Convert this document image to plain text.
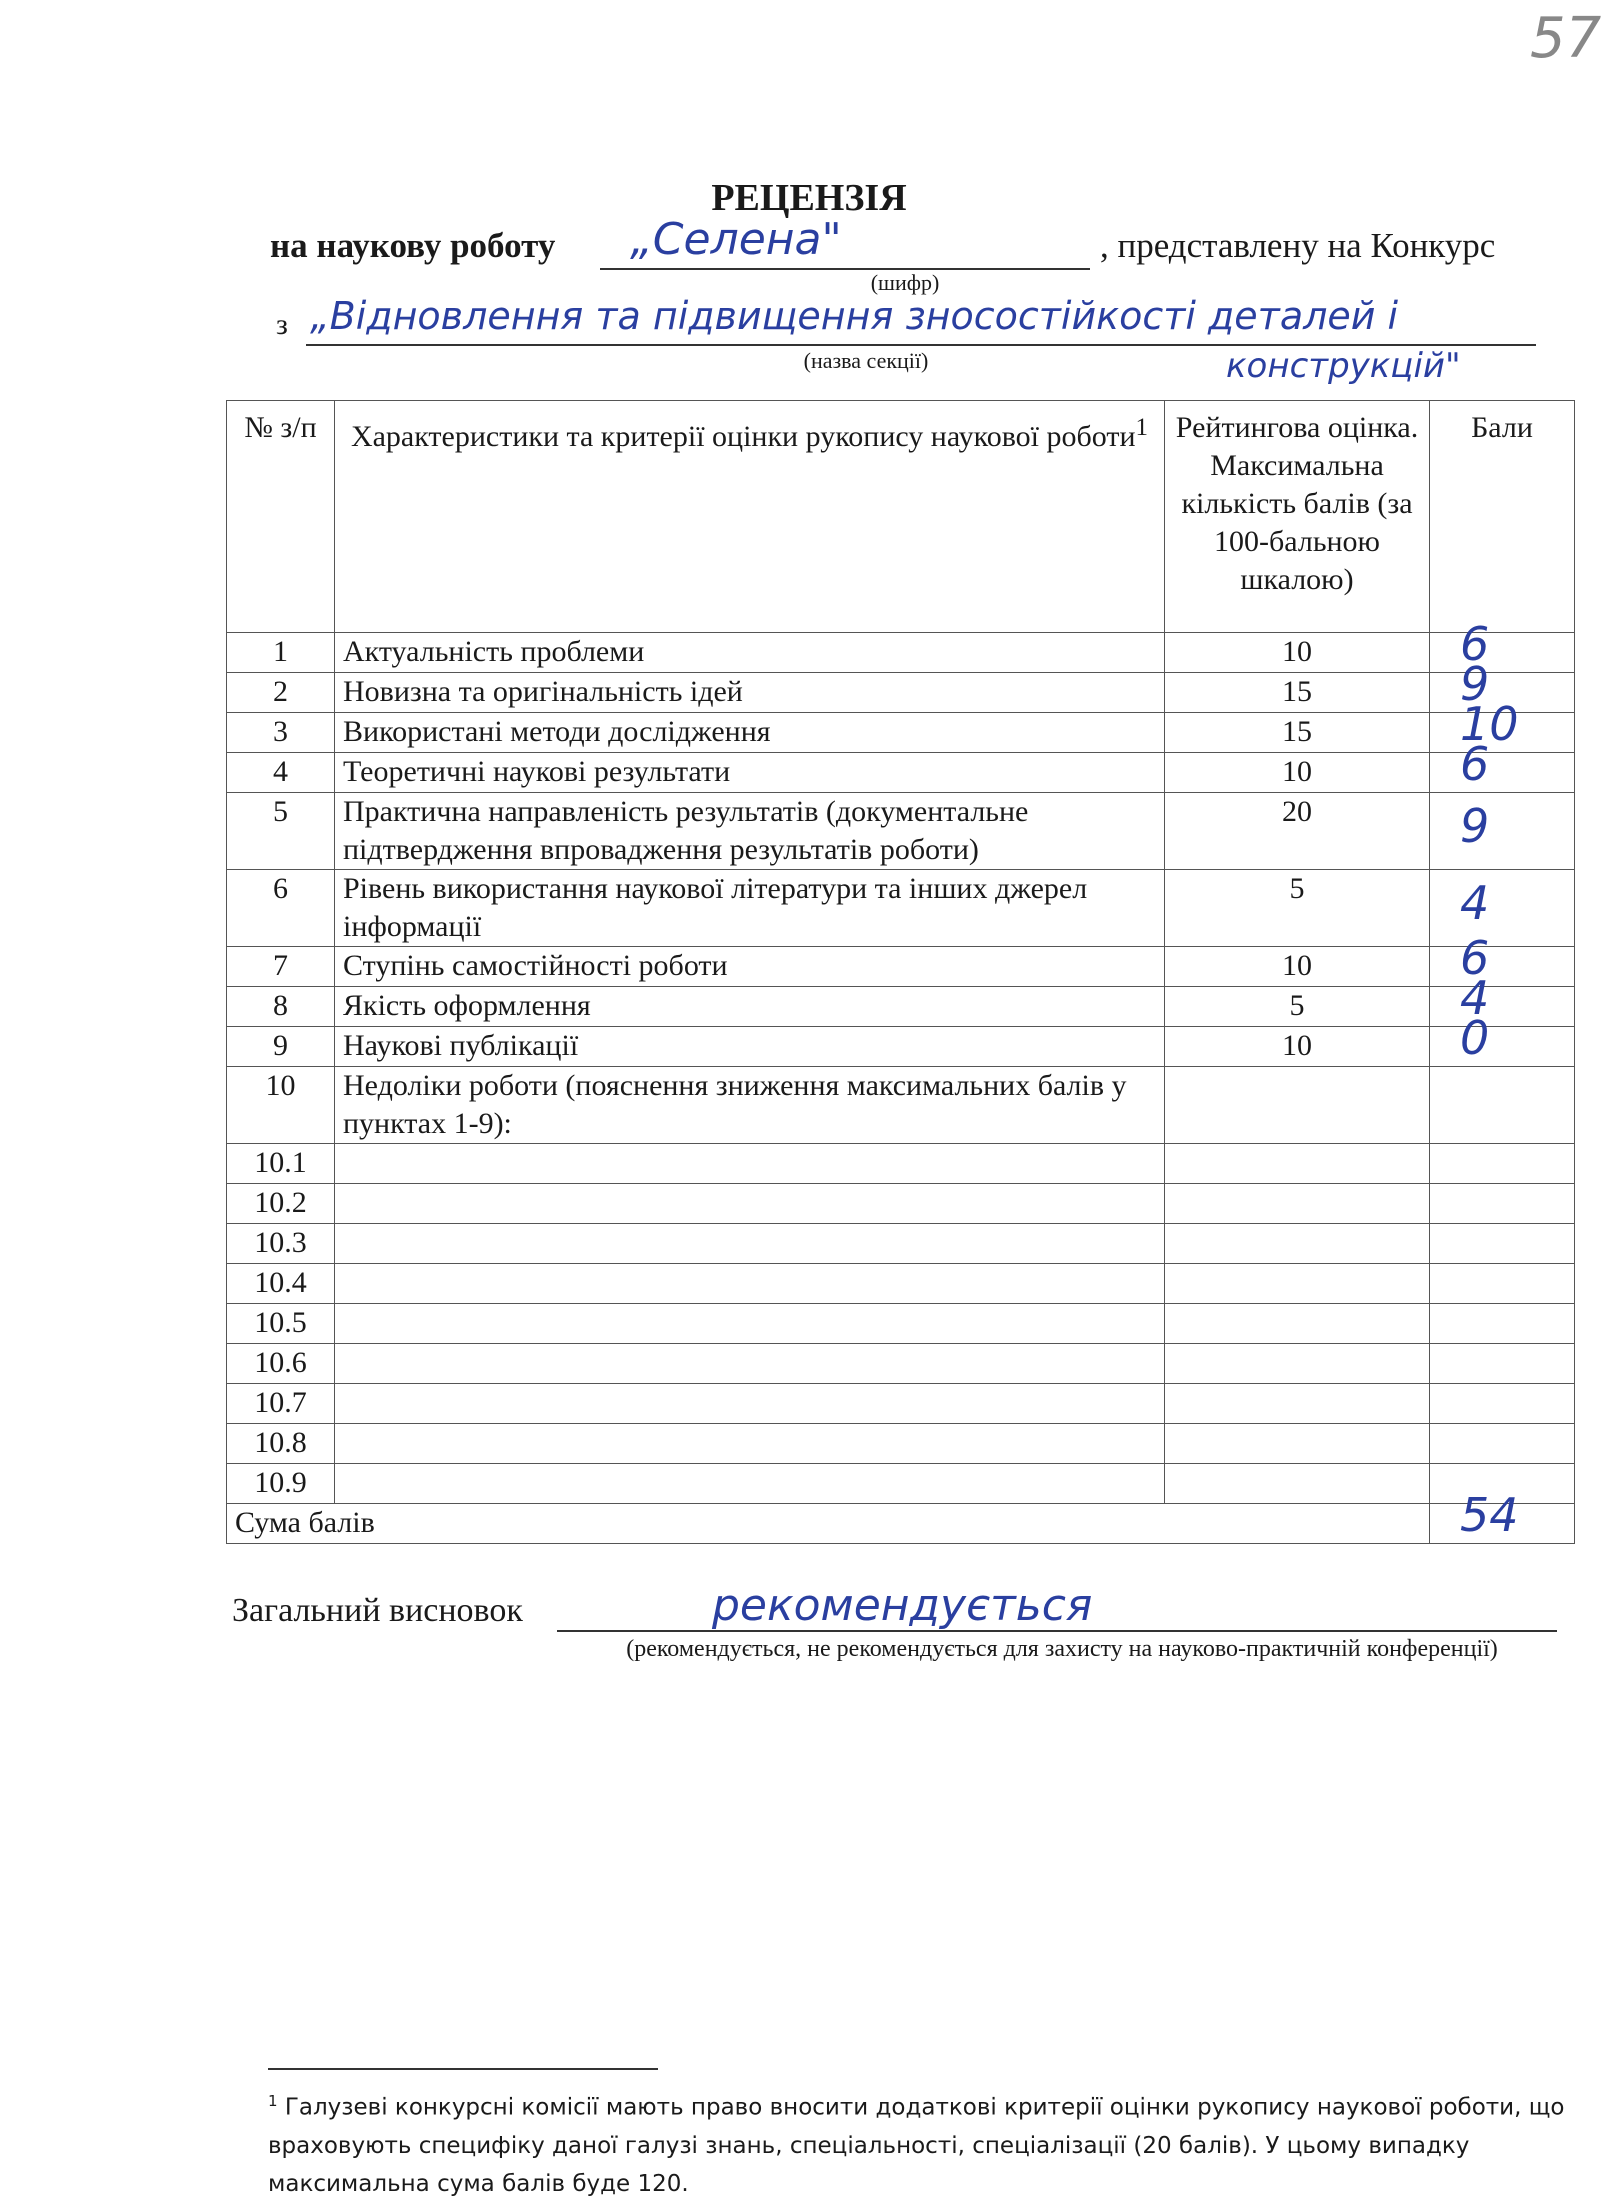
57
РЕЦЕНЗІЯ
на наукову роботу „Селена"	, представлену на Конкурс
(шифр)
з „Відновлення та підвищення зносостійкості деталей і
(назва секції)	конструкцій"
№ з/п	Характеристики та критерії оцінки рукопису наукової роботи$^1$	Рейтингова оцінка. Максимальна кількість балів (за 100-бальною шкалою)	Бали
1	Актуальність проблеми	10	6

2	Новизна та оригінальність ідей	15	9

3	Використані методи дослідження	15	10

4	Теоретичні наукові результати	10	6

5	Практична направленість результатів (документальне підтвердження впровадження результатів роботи)	20	9

6	Рівень використання наукової літератури та інших джерел інформації	5	4

7	Ступінь самостійності роботи	10	6

8	Якість оформлення	5	4

9	Наукові публікації	10	0

10	Недоліки роботи (пояснення зниження максимальних балів у пунктах 1-9):		

10.1			

10.2			

10.3			

10.4			

10.5			

10.6			

10.7			

10.8			

10.9			

Сума балів			54
Загальний висновок	рекомендується
(рекомендується, не рекомендується для захисту на науково-практичній конференції)
$^1$ Галузеві конкурсні комісії мають право вносити додаткові критерії оцінки рукопису наукової роботи, що враховують специфіку даної галузі знань, спеціальності, спеціалізації (20 балів). У цьому випадку максимальна сума балів буде 120.
